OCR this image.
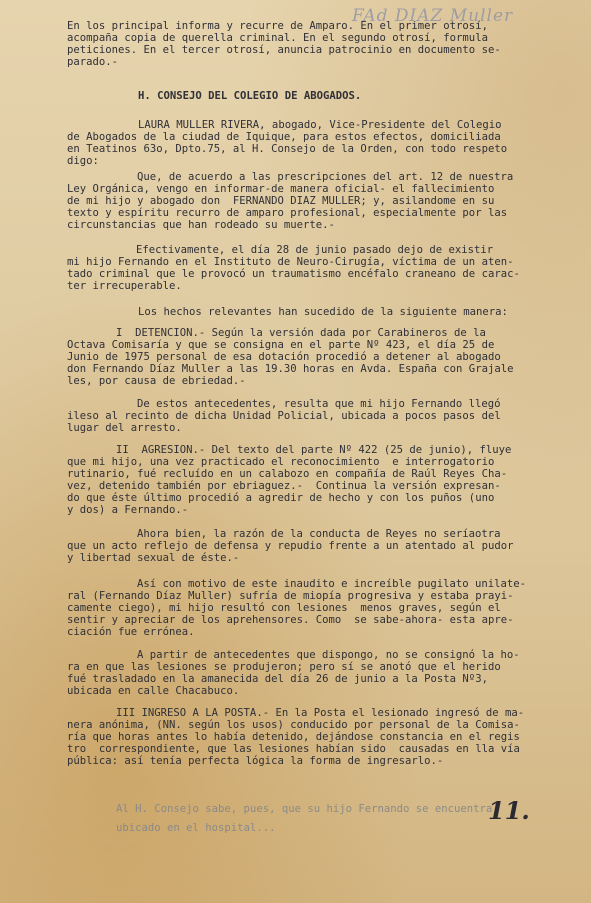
FAd DIAZ Muller
En los principal informa y recurre de Amparo. En el primer otrosí,
acompaña copia de querella criminal. En el segundo otrosí, formula
peticiones. En el tercer otrosí, anuncia patrocinio en documento se-
parado.-
H. CONSEJO DEL COLEGIO DE ABOGADOS.
LAURA MULLER RIVERA, abogado, Vice-Presidente del Colegio
de Abogados de la ciudad de Iquique, para estos efectos, domiciliada
en Teatinos 63o, Dpto.75, al H. Consejo de la Orden, con todo respeto
digo:
Que, de acuerdo a las prescripciones del art. 12 de nuestra
Ley Orgánica, vengo en informar-de manera oficial- el fallecimiento
de mi hijo y abogado don  FERNANDO DIAZ MULLER; y, asilandome en su
texto y espíritu recurro de amparo profesional, especialmente por las
circunstancias que han rodeado su muerte.-
Efectivamente, el día 28 de junio pasado dejo de existir
mi hijo Fernando en el Instituto de Neuro-Cirugía, víctima de un aten-
tado criminal que le provocó un traumatismo encéfalo craneano de carac-
ter irrecuperable.
Los hechos relevantes han sucedido de la siguiente manera:
I  DETENCION.- Según la versión dada por Carabineros de la
Octava Comisaría y que se consigna en el parte Nº 423, el día 25 de
Junio de 1975 personal de esa dotación procedió a detener al abogado
don Fernando Díaz Muller a las 19.30 horas en Avda. España con Grajale
les, por causa de ebriedad.-
De estos antecedentes, resulta que mi hijo Fernando llegó
ileso al recinto de dicha Unidad Policial, ubicada a pocos pasos del
lugar del arresto.
II  AGRESION.- Del texto del parte Nº 422 (25 de junio), fluye
que mi hijo, una vez practicado el reconocimiento  e interrogatorio
rutinario, fué recluído en un calabozo en compañía de Raúl Reyes Cha-
vez, detenido también por ebriaguez.-  Continua la versión expresan-
do que éste último procedió a agredir de hecho y con los puños (uno
y dos) a Fernando.-
Ahora bien, la razón de la conducta de Reyes no seríaotra
que un acto reflejo de defensa y repudio frente a un atentado al pudor
y libertad sexual de éste.-
Así con motivo de este inaudito e increíble pugilato unilate-
ral (Fernando Díaz Muller) sufría de miopía progresiva y estaba prayi-
camente ciego), mi hijo resultó con lesiones  menos graves, según el
sentir y apreciar de los aprehensores. Como  se sabe-ahora- esta apre-
ciación fue errónea.
A partir de antecedentes que dispongo, no se consignó la ho-
ra en que las lesiones se produjeron; pero sí se anotó que el herido
fué trasladado en la amanecida del día 26 de junio a la Posta Nº3,
ubicada en calle Chacabuco.
III INGRESO A LA POSTA.- En la Posta el lesionado ingresó de ma-
nera anónima, (NN. según los usos) conducido por personal de la Comisa-
ría que horas antes lo había detenido, dejándose constancia en el regis
tro  correspondiente, que las lesiones habían sido  causadas en lla vía
pública: así tenía perfecta lógica la forma de ingresarlo.-
Al H. Consejo sabe, pues, que su hijo Fernando se encuentra
ubicado en el hospital...
11.
